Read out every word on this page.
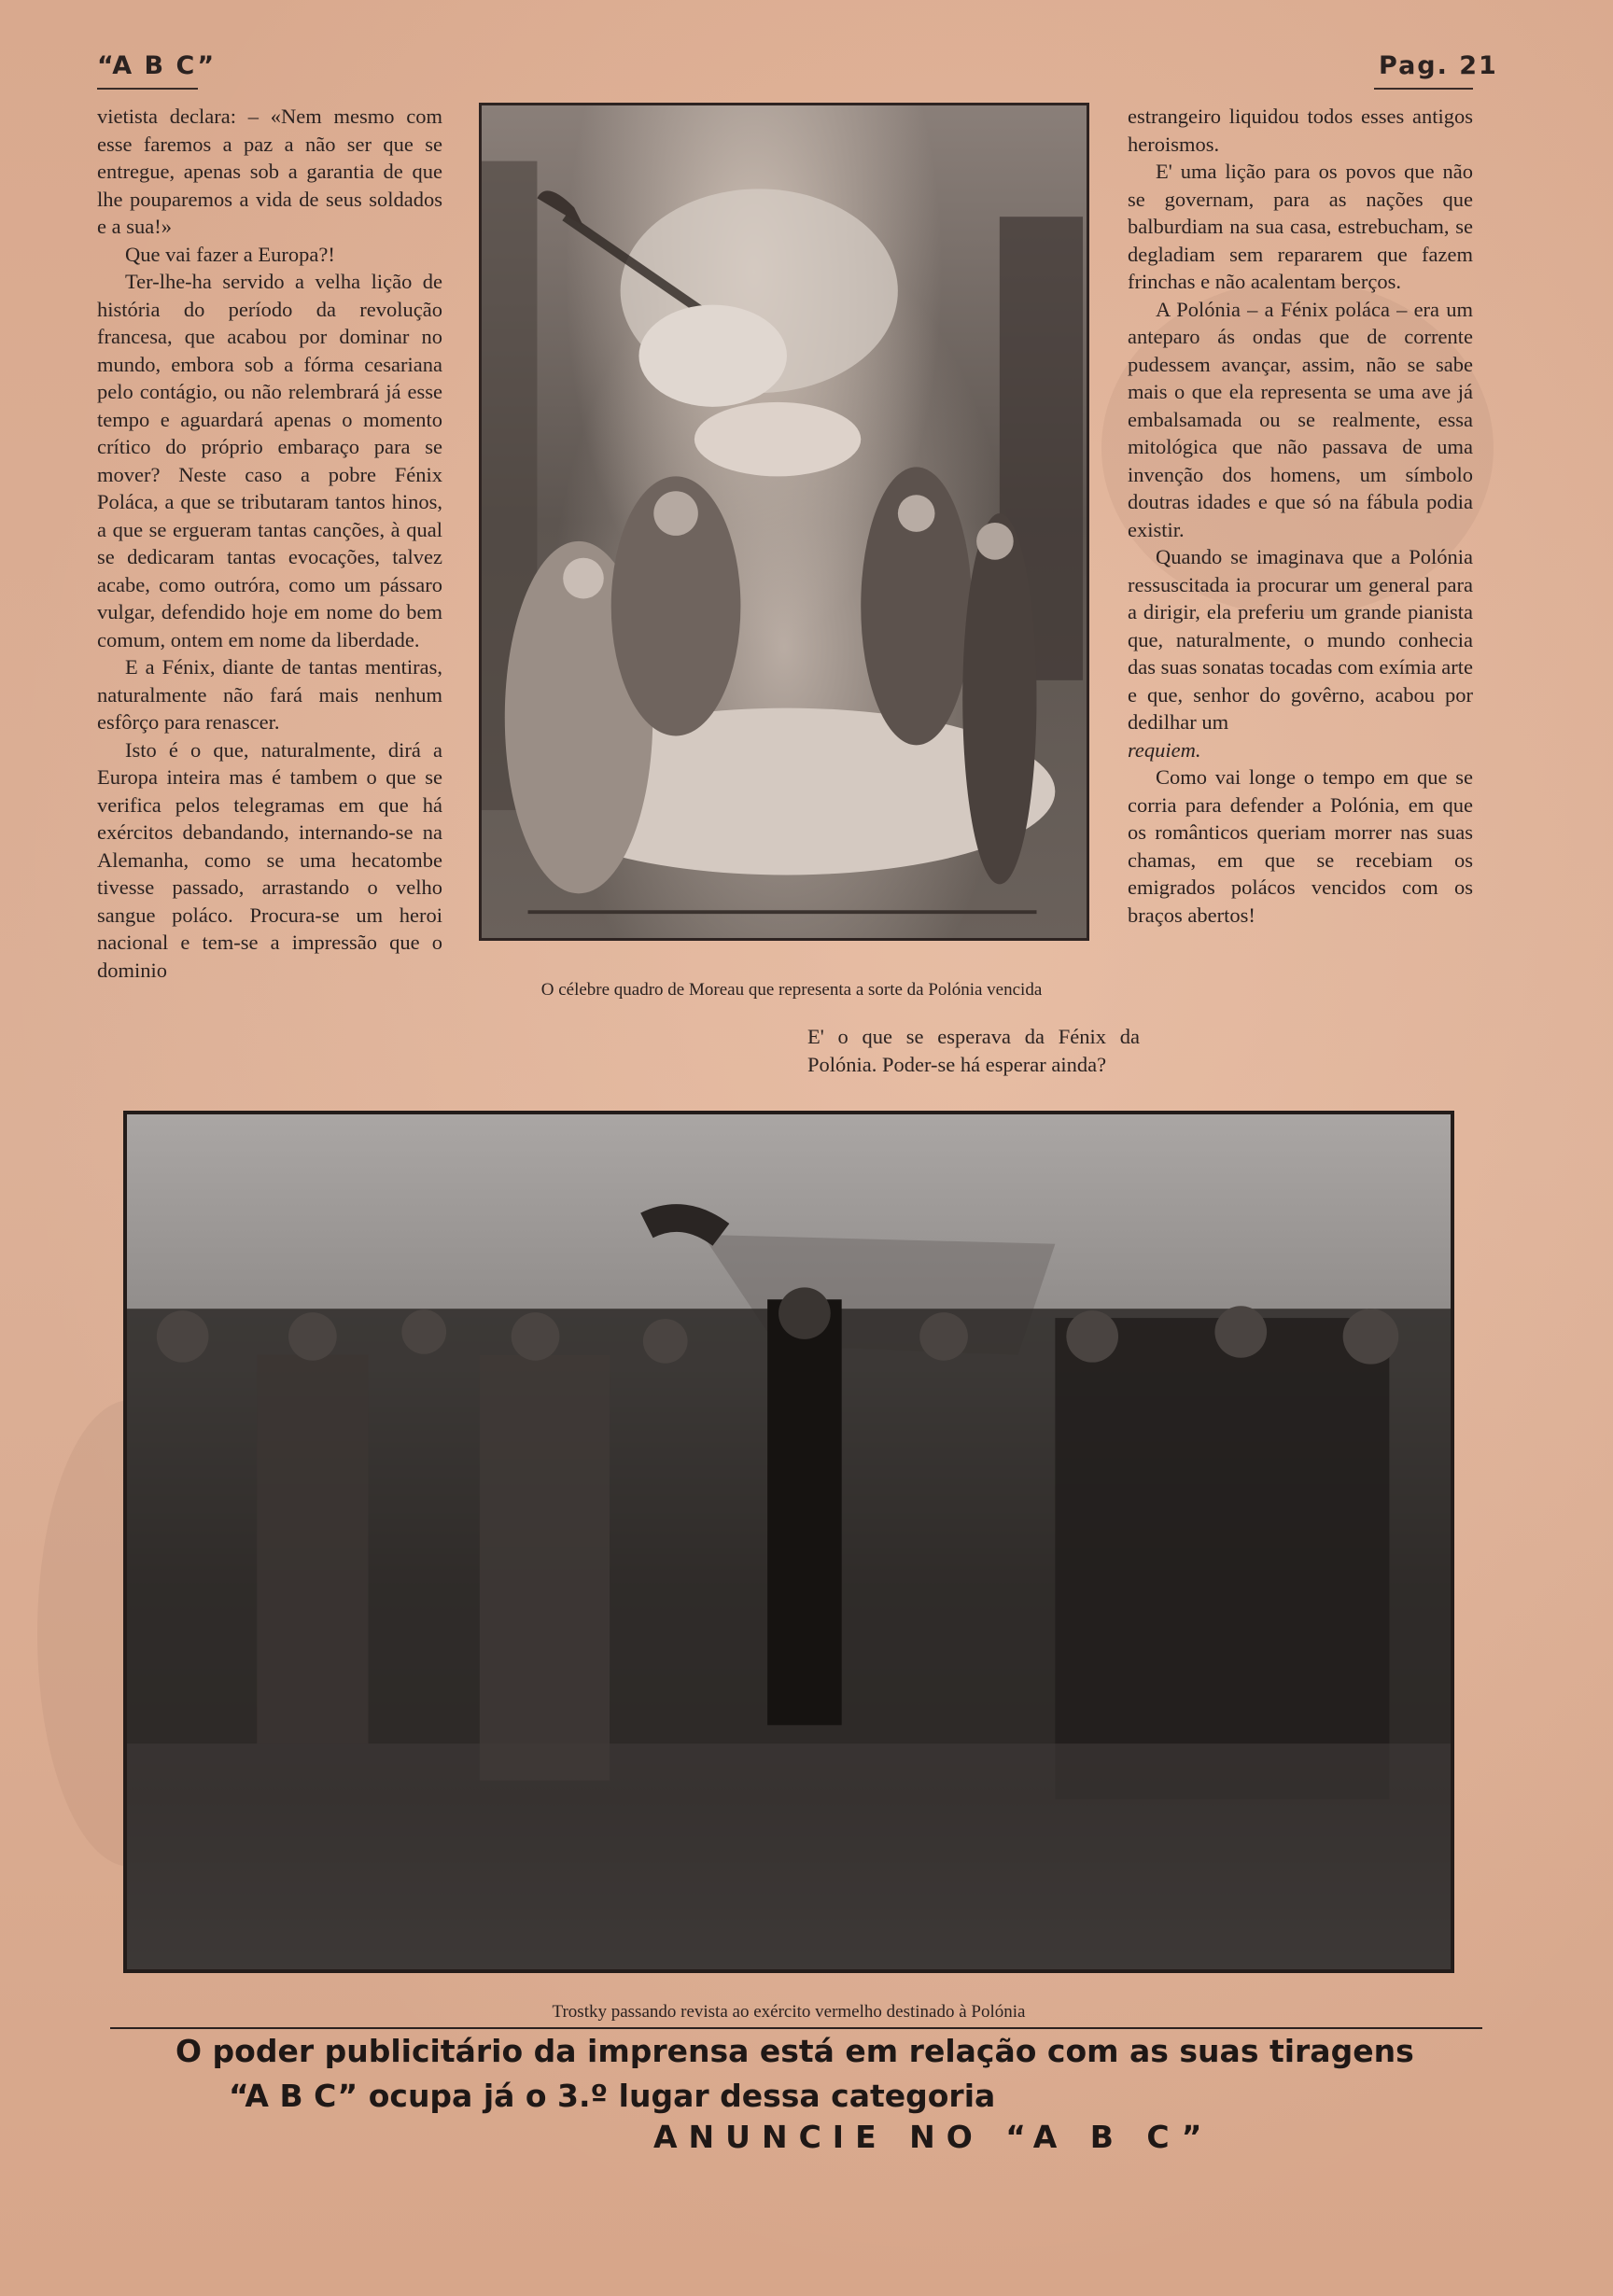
“A B C”	Pag. 21

vietista declara: – «Nem mesmo com esse faremos a paz a não ser que se entregue, apenas sob a garantia de que lhe pouparemos a vida de seus soldados e a sua!»

Que vai fazer a Europa?!

Ter-lhe-ha servido a velha lição de história do período da revolução francesa, que acabou por dominar no mundo, embora sob a fórma cesariana pelo contágio, ou não relembrará já esse tempo e aguardará apenas o momento crítico do próprio embaraço para se mover? Neste caso a pobre Fénix Poláca, a que se tributaram tantos hinos, a que se ergueram tantas canções, à qual se dedicaram tantas evocações, talvez acabe, como outróra, como um pássaro vulgar, defendido hoje em nome do bem comum, ontem em nome da liberdade.

E a Fénix, diante de tantas mentiras, naturalmente não fará mais nenhum esfôrço para renascer.

Isto é o que, naturalmente, dirá a Europa inteira mas é tambem o que se verifica pelos telegramas em que há exércitos debandando, internando-se na Alemanha, como se uma hecatombe tivesse passado, arrastando o velho sangue poláco. Procura-se um heroi nacional e tem-se a impressão que o dominio

E' o que se esperava da Fénix da Polónia. Poder-se há esperar ainda?

estrangeiro liquidou todos esses antigos heroismos.

E' uma lição para os povos que não se governam, para as nações que balburdiam na sua casa, estrebucham, se degladiam sem repararem que fazem frinchas e não acalentam berços.

A Polónia – a Fénix poláca – era um anteparo ás ondas que de corrente pudessem avançar, assim, não se sabe mais o que ela representa se uma ave já embalsamada ou se realmente, essa mitológica que não passava de uma invenção dos homens, um símbolo doutras idades e que só na fábula podia existir.

Quando se imaginava que a Polónia ressuscitada ia procurar um general para a dirigir, ela preferiu um grande pianista que, naturalmente, o mundo conhecia das suas sonatas tocadas com exímia arte e que, senhor do govêrno, acabou por dedilhar um

requiem.

Como vai longe o tempo em que se corria para defender a Polónia, em que os românticos queriam morrer nas suas chamas, em que se recebiam os emigrados polácos vencidos com os braços abertos!

O célebre quadro de Moreau que representa a sorte da Polónia vencida
Trostky passando revista ao exército vermelho destinado à Polónia
O poder publicitário da imprensa está em relação com as suas tiragens
“A B C” ocupa já o 3.º lugar dessa categoria
ANUNCIE NO “A B C”
